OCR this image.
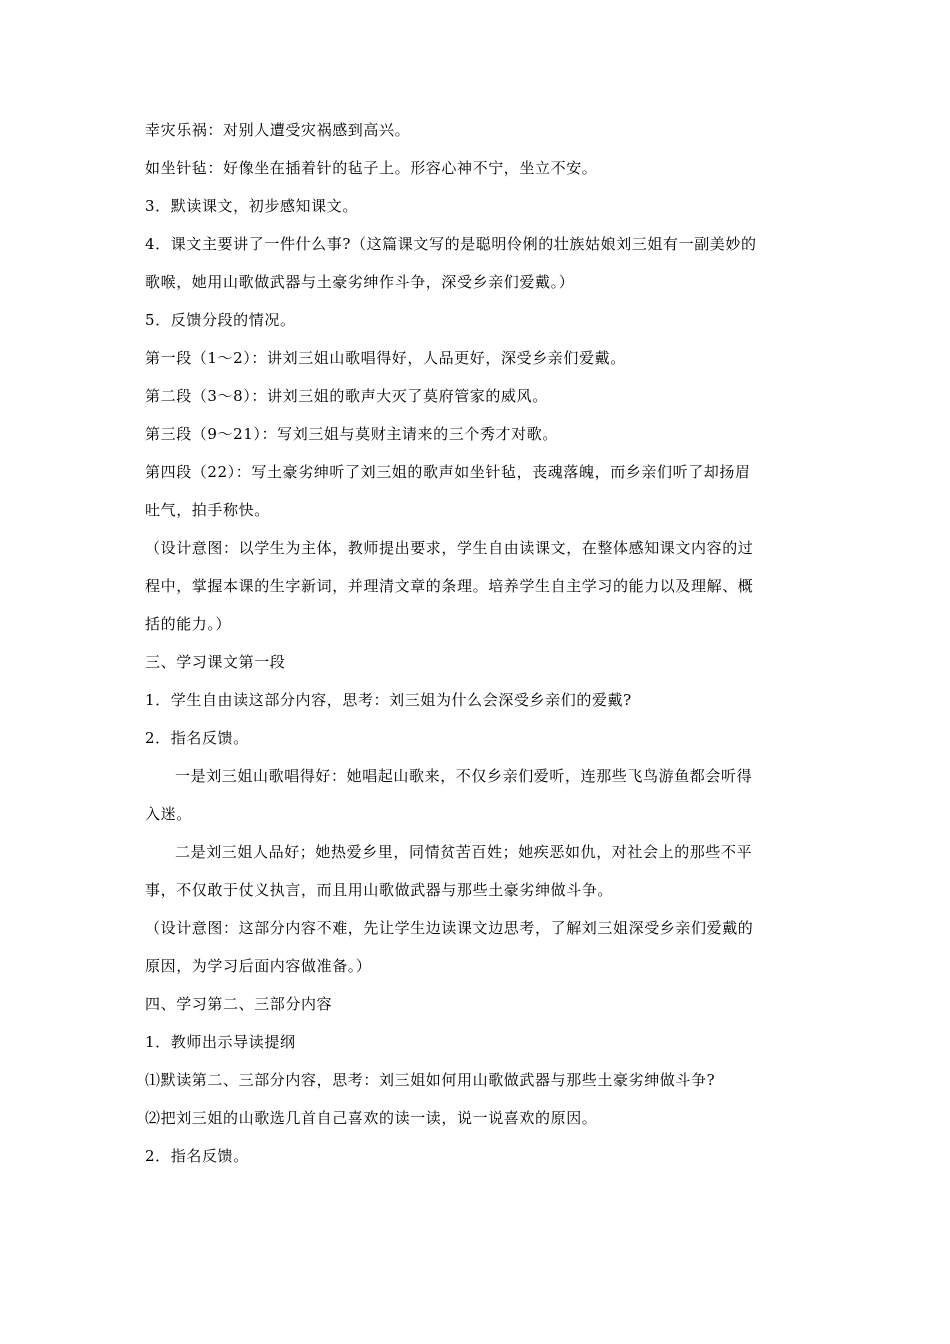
幸灾乐祸：对别人遭受灾祸感到高兴。

如坐针毡：好像坐在插着针的毡子上。形容心神不宁，坐立不安。

3．默读课文，初步感知课文。

4．课文主要讲了一件什么事?（这篇课文写的是聪明伶俐的壮族姑娘刘三姐有一副美妙的

歌喉，她用山歌做武器与土豪劣绅作斗争，深受乡亲们爱戴。）

5．反馈分段的情况。

第一段（1～2）：讲刘三姐山歌唱得好，人品更好，深受乡亲们爱戴。

第二段（3～8）：讲刘三姐的歌声大灭了莫府管家的威风。

第三段（9～21）：写刘三姐与莫财主请来的三个秀才对歌。

第四段（22）：写土豪劣绅听了刘三姐的歌声如坐针毡，丧魂落魄，而乡亲们听了却扬眉

吐气，拍手称快。

（设计意图：以学生为主体，教师提出要求，学生自由读课文，在整体感知课文内容的过

程中，掌握本课的生字新词，并理清文章的条理。培养学生自主学习的能力以及理解、概

括的能力。）

三、学习课文第一段

1．学生自由读这部分内容，思考：刘三姐为什么会深受乡亲们的爱戴?

2．指名反馈。

一是刘三姐山歌唱得好：她唱起山歌来，不仅乡亲们爱听，连那些飞鸟游鱼都会听得

入迷。

二是刘三姐人品好；她热爱乡里，同情贫苦百姓；她疾恶如仇，对社会上的那些不平

事，不仅敢于仗义执言，而且用山歌做武器与那些土豪劣绅做斗争。

（设计意图：这部分内容不难，先让学生边读课文边思考，了解刘三姐深受乡亲们爱戴的

原因，为学习后面内容做准备。）

四、学习第二、三部分内容

1．教师出示导读提纲

⑴默读第二、三部分内容，思考：刘三姐如何用山歌做武器与那些土豪劣绅做斗争?

⑵把刘三姐的山歌选几首自己喜欢的读一读，说一说喜欢的原因。

2．指名反馈。
